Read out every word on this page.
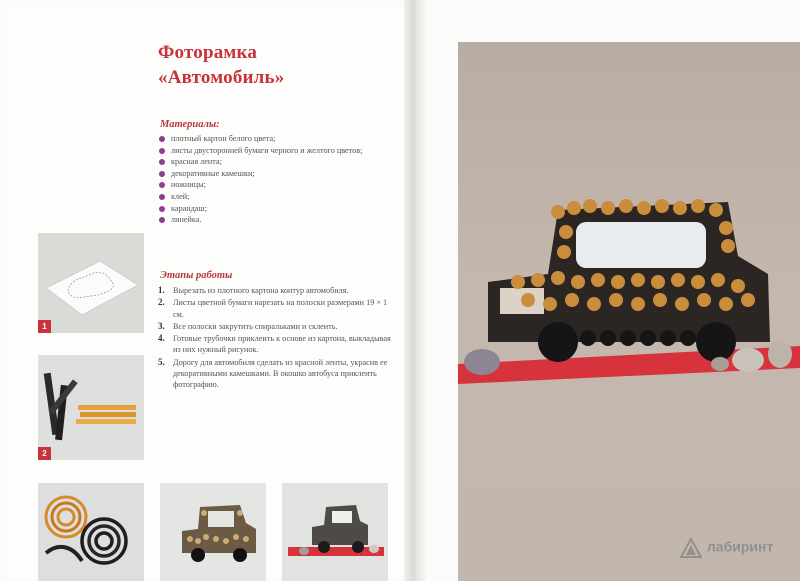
Фоторамка
«Автомобиль»
Материалы:
плотный картон белого цвета;
листы двусторонней бумаги черного и желтого цветов;
красная лента;
декоративные камешки;
ножницы;
клей;
карандаш;
линейка.
Этапы работы
1. Вырезать из плотного картона контур автомобиля.
2. Листы цветной бумаги нарезать на полоски размерами 19 × 1 см.
3. Все полоски закрутить спиральками и склеить.
4. Готовые трубочки приклеить к основе из картона, выкладывая из них нужный рисунок.
5. Дорогу для автомобиля сделать из красной ленты, украсив ее декоративными камешками. В окошко автобуса приклеить фотографию.
1
2
лабиринт
